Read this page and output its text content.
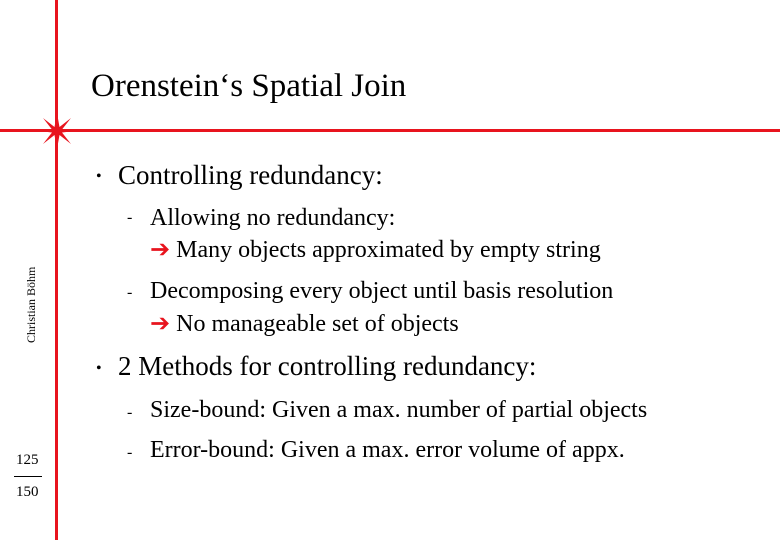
Orenstein‘s Spatial Join
Christian Böhm
125
150
• Controlling redundancy:
- Allowing no redundancy:
➔ Many objects approximated by empty string
- Decomposing every object until basis resolution
➔ No manageable set of objects
• 2 Methods for controlling redundancy:
- Size-bound: Given a max. number of partial objects
- Error-bound: Given a max. error volume of appx.
